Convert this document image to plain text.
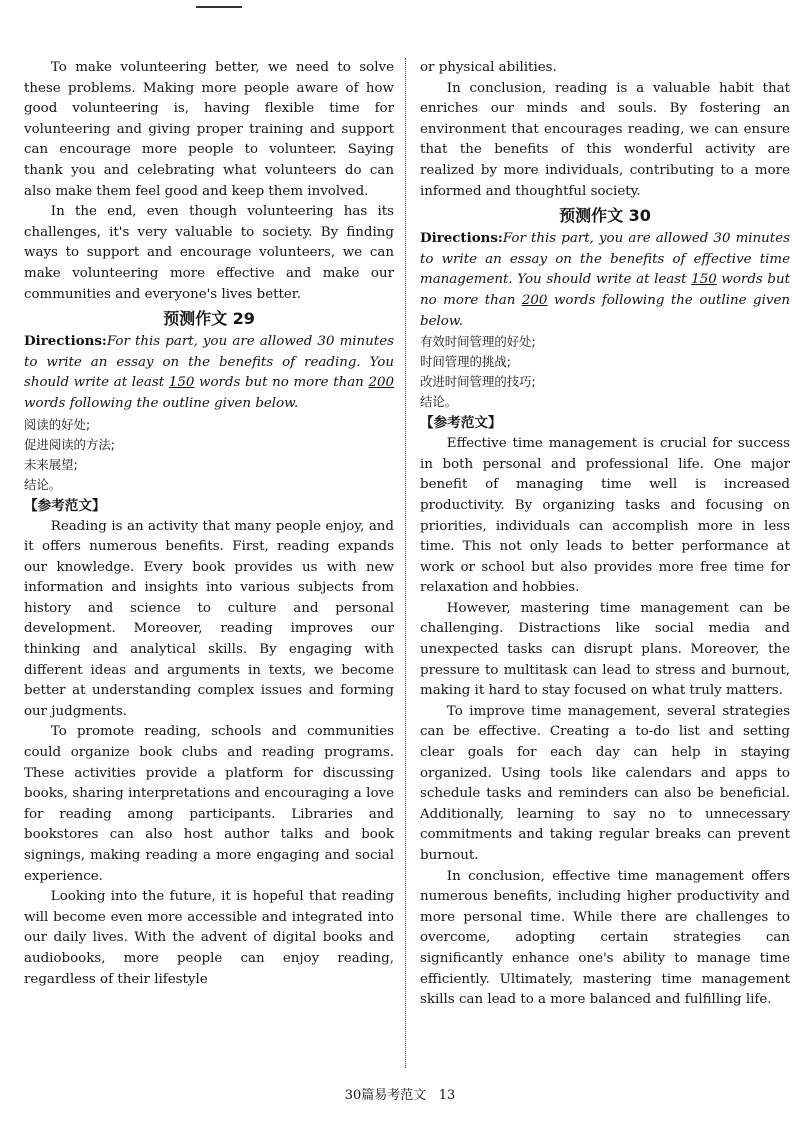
To make volunteering better, we need to solve these problems. Making more people aware of how good volunteering is, having flexible time for volunteering and giving proper training and support can encourage more people to volunteer. Saying thank you and celebrating what volunteers do can also make them feel good and keep them involved.

In the end, even though volunteering has its challenges, it's very valuable to society. By finding ways to support and encourage volunteers, we can make volunteering more effective and make our communities and everyone's lives better.

预测作文 29

Directions:For this part, you are allowed 30 minutes to write an essay on the benefits of reading. You should write at least 150 words but no more than 200 words following the outline given below.

阅读的好处;
促进阅读的方法;
未来展望;
结论。
【参考范文】

Reading is an activity that many people enjoy, and it offers numerous benefits. First, reading expands our knowledge. Every book provides us with new information and insights into various subjects from history and science to culture and personal development. Moreover, reading improves our thinking and analytical skills. By engaging with different ideas and arguments in texts, we become better at understanding complex issues and forming our judgments.

To promote reading, schools and communities could organize book clubs and reading programs. These activities provide a platform for discussing books, sharing interpretations and encouraging a love for reading among participants. Libraries and bookstores can also host author talks and book signings, making reading a more engaging and social experience.

Looking into the future, it is hopeful that reading will become even more accessible and integrated into our daily lives. With the advent of digital books and audiobooks, more people can enjoy reading, regardless of their lifestyle

or physical abilities.

In conclusion, reading is a valuable habit that enriches our minds and souls. By fostering an environment that encourages reading, we can ensure that the benefits of this wonderful activity are realized by more individuals, contributing to a more informed and thoughtful society.

预测作文 30

Directions:For this part, you are allowed 30 minutes to write an essay on the benefits of effective time management. You should write at least 150 words but no more than 200 words following the outline given below.

有效时间管理的好处;
时间管理的挑战;
改进时间管理的技巧;
结论。
【参考范文】

Effective time management is crucial for success in both personal and professional life. One major benefit of managing time well is increased productivity. By organizing tasks and focusing on priorities, individuals can accomplish more in less time. This not only leads to better performance at work or school but also provides more free time for relaxation and hobbies.

However, mastering time management can be challenging. Distractions like social media and unexpected tasks can disrupt plans. Moreover, the pressure to multitask can lead to stress and burnout, making it hard to stay focused on what truly matters.

To improve time management, several strategies can be effective. Creating a to-do list and setting clear goals for each day can help in staying organized. Using tools like calendars and apps to schedule tasks and reminders can also be beneficial. Additionally, learning to say no to unnecessary commitments and taking regular breaks can prevent burnout.

In conclusion, effective time management offers numerous benefits, including higher productivity and more personal time. While there are challenges to overcome, adopting certain strategies can significantly enhance one's ability to manage time efficiently. Ultimately, mastering time management skills can lead to a more balanced and fulfilling life.

30篇易考范文 13
